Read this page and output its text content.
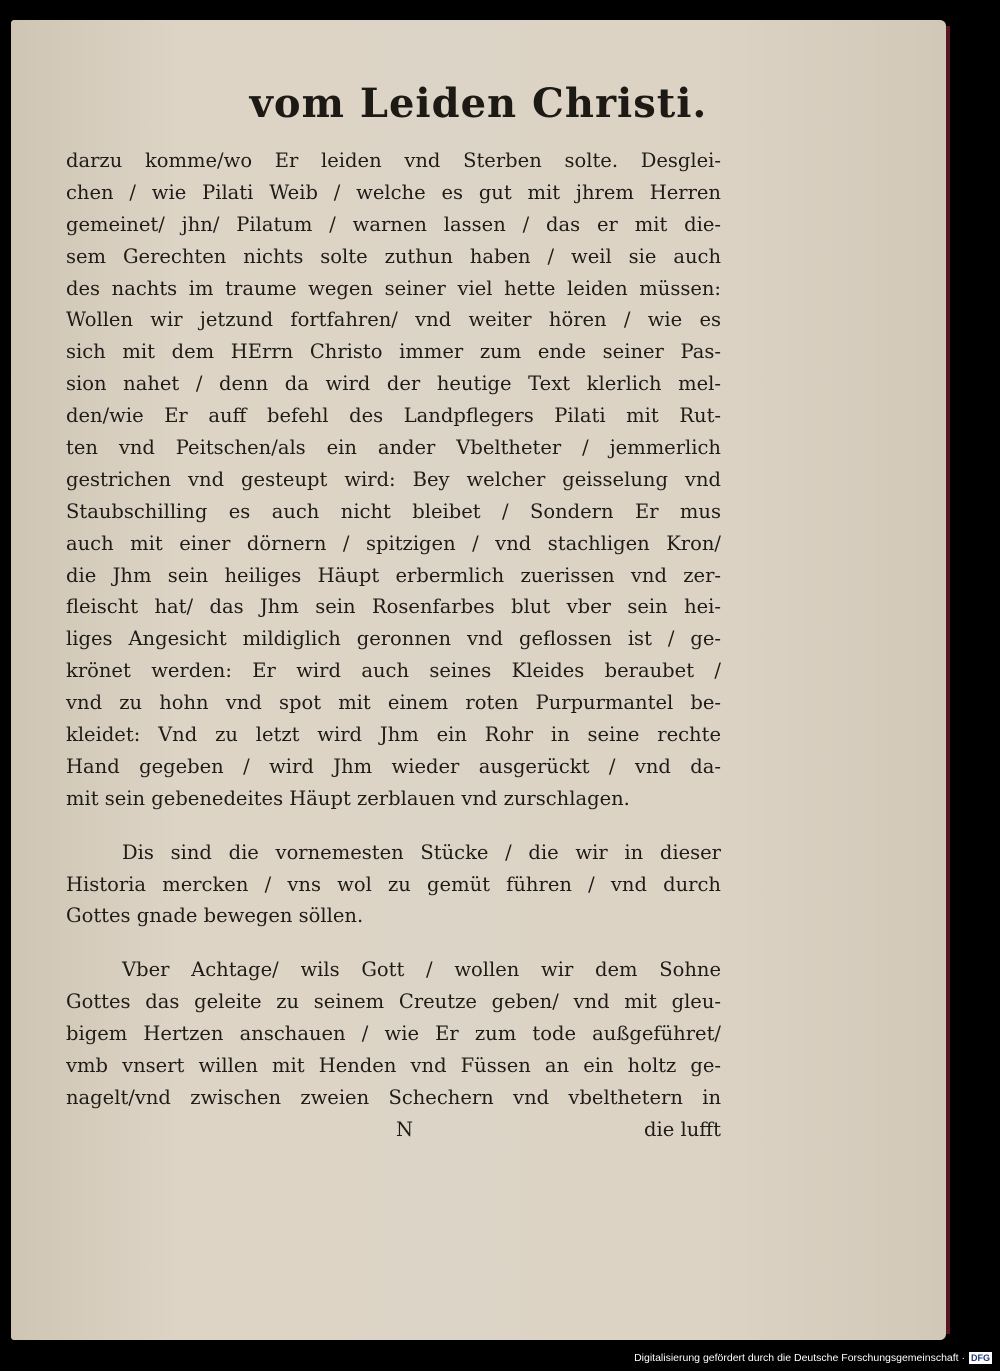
vom Leiden Christi.
darzu komme/wo Er leiden vnd Sterben solte. Desglei-
chen / wie Pilati Weib / welche es gut mit jhrem Herren
gemeinet/ jhn/ Pilatum / warnen lassen / das er mit die-
sem Gerechten nichts solte zuthun haben / weil sie auch
des nachts im traume wegen seiner viel hette leiden müssen:
Wollen wir jetzund fortfahren/ vnd weiter hören / wie es
sich mit dem HErrn Christo immer zum ende seiner Pas-
sion nahet / denn da wird der heutige Text klerlich mel-
den/wie Er auff befehl des Landpflegers Pilati mit Rut-
ten vnd Peitschen/als ein ander Vbeltheter / jemmerlich
gestrichen vnd gesteupt wird: Bey welcher geisselung vnd
Staubschilling es auch nicht bleibet / Sondern Er mus
auch mit einer dörnern / spitzigen / vnd stachligen Kron/
die Jhm sein heiliges Häupt erbermlich zuerissen vnd zer-
fleischt hat/ das Jhm sein Rosenfarbes blut vber sein hei-
liges Angesicht mildiglich geronnen vnd geflossen ist / ge-
krönet werden: Er wird auch seines Kleides beraubet /
vnd zu hohn vnd spot mit einem roten Purpurmantel be-
kleidet: Vnd zu letzt wird Jhm ein Rohr in seine rechte
Hand gegeben / wird Jhm wieder ausgerückt / vnd da-
mit sein gebenedeites Häupt zerblauen vnd zurschlagen.
Dis sind die vornemesten Stücke / die wir in dieser
Historia mercken / vns wol zu gemüt führen / vnd durch
Gottes gnade bewegen söllen.
Vber Achtage/ wils Gott / wollen wir dem Sohne
Gottes das geleite zu seinem Creutze geben/ vnd mit gleu-
bigem Hertzen anschauen / wie Er zum tode außgeführet/
vmb vnsert willen mit Henden vnd Füssen an ein holtz ge-
nagelt/vnd zwischen zweien Schechern vnd vbelthetern in
N	die lufft
Digitalisierung gefördert durch die Deutsche Forschungsgemeinschaft · DFG
